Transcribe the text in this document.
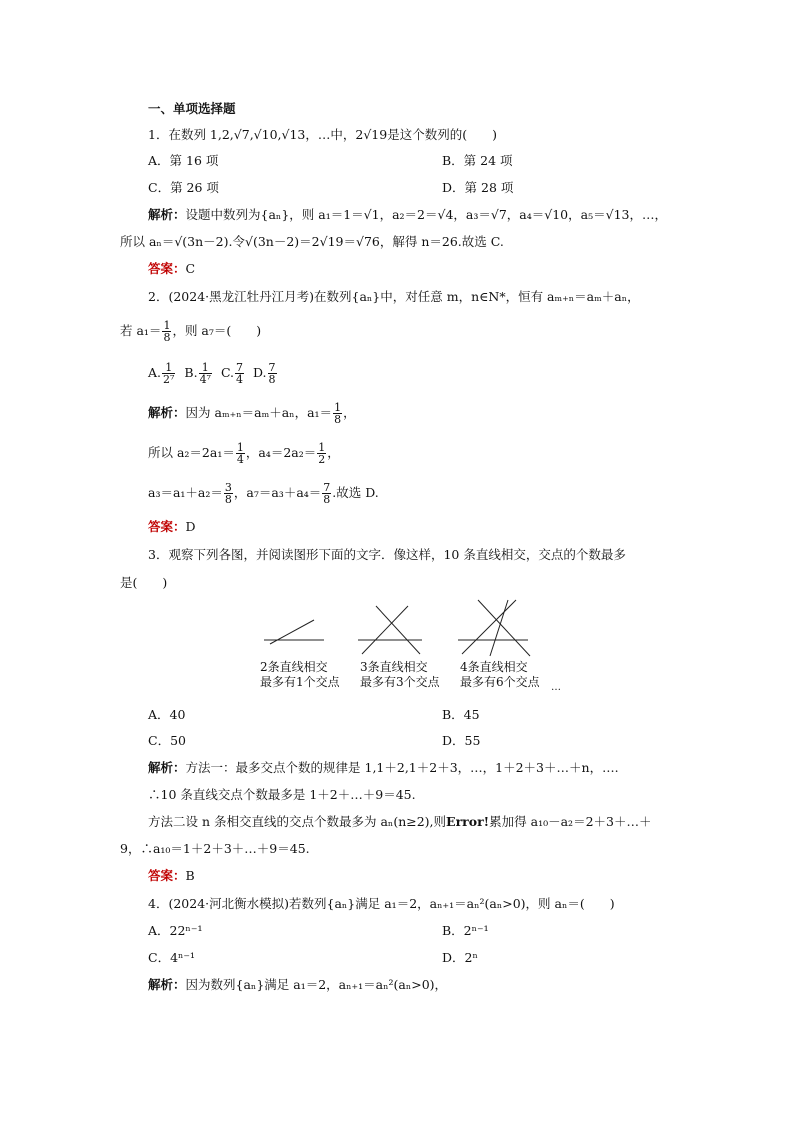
一、单项选择题
1．在数列 1,2,√7,√10,√13，…中，2√19是这个数列的(　　)
A．第 16 项	B．第 24 项
C．第 26 项	D．第 28 项
解析：设题中数列为{aₙ}，则 a₁＝1＝√1，a₂＝2＝√4，a₃＝√7，a₄＝√10，a₅＝√13，…，
所以 aₙ＝√(3n－2).令√(3n－2)＝2√19＝√76，解得 n＝26.故选 C.
答案：C
2．(2024·黑龙江牡丹江月考)在数列{aₙ}中，对任意 m，n∈N*，恒有 aₘ₊ₙ＝aₘ＋aₙ，
若 $a_1= \frac{1}{8}$ ，则 a₇＝(　　)
A. $\frac{1}{\text{2⁷}} B$. $\frac{1}{\text{4⁷}} C$. $\frac{7}{4} D$. $\frac{7}{8}$
解析：因为 aₘ₊ₙ＝aₘ＋aₙ，$a_1= \frac{1}{8}$ ，
所以 $a_2=2a_1= \frac{1}{4}$ ，$a_4=2a_2= \frac{1}{2}$ ，
$a_3=a_1+a_2= \frac{3}{8}$ ，$a_7=a_3+a_4= \frac{7}{8}$ .故选 D.
答案：D
3．观察下列各图，并阅读图形下面的文字．像这样，10 条直线相交，交点的个数最多
是(　　)
2条直线相交
最多有1个交点
3条直线相交
最多有3个交点
4条直线相交
最多有6个交点 …
A．40	B．45
C．50	D．55
解析：方法一：最多交点个数的规律是 1,1＋2,1＋2＋3，…，1＋2＋3＋…＋n，….
∴10 条直线交点个数最多是 1＋2＋…＋9＝45.
方法二设 n 条相交直线的交点个数最多为 aₙ(n≥2),则Error!累加得 a₁₀－a₂＝2＋3＋…＋
9，∴a₁₀＝1＋2＋3＋…＋9＝45.
答案：B
4．(2024·河北衡水模拟)若数列{aₙ}满足 a₁＝2，aₙ₊₁＝aₙ²(aₙ>0)，则 aₙ＝(　　)
A．22ⁿ⁻¹	B．2ⁿ⁻¹
C．4ⁿ⁻¹	D．2ⁿ
解析：因为数列{aₙ}满足 a₁＝2，aₙ₊₁＝aₙ²(aₙ>0)，
